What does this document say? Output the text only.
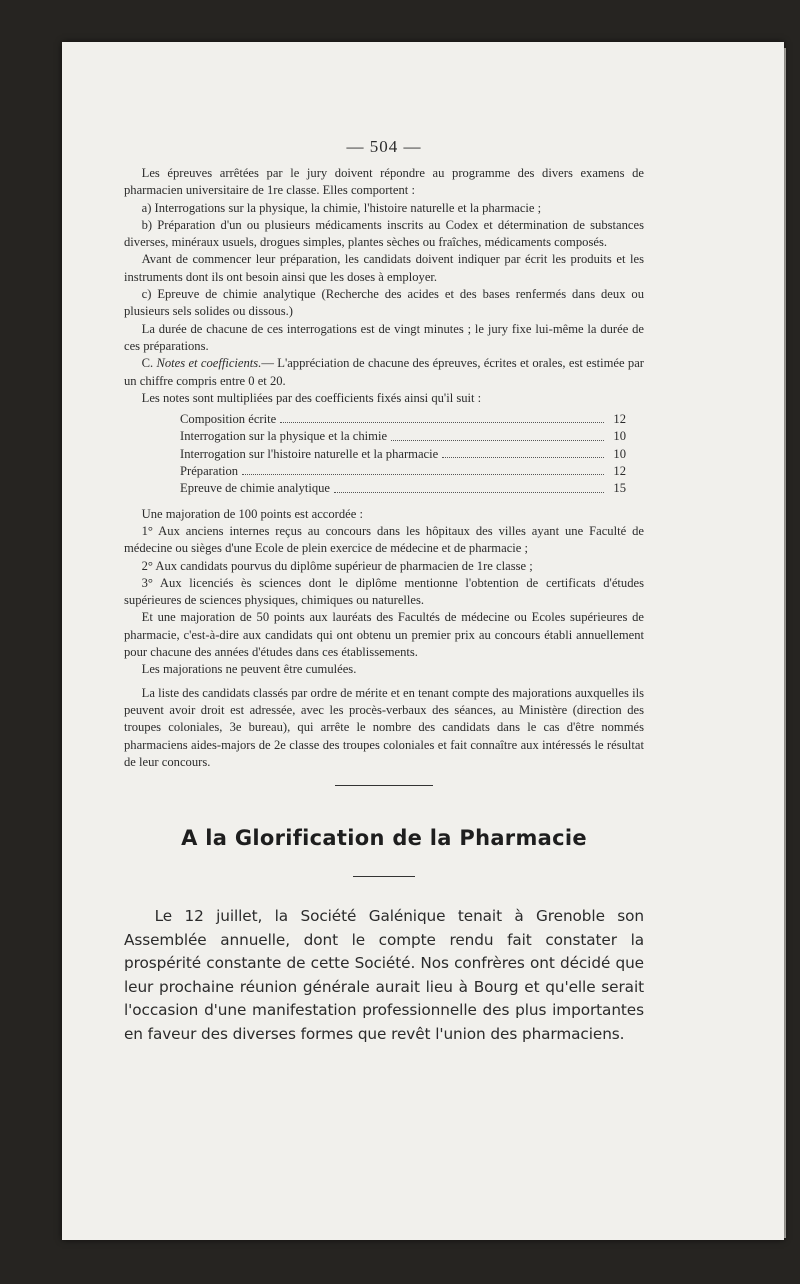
— 504 —

Les épreuves arrêtées par le jury doivent répondre au programme des divers examens de pharmacien universitaire de 1re classe. Elles comportent :

a) Interrogations sur la physique, la chimie, l'histoire naturelle et la pharmacie ;

b) Préparation d'un ou plusieurs médicaments inscrits au Codex et détermination de substances diverses, minéraux usuels, drogues simples, plantes sèches ou fraîches, médicaments composés.

Avant de commencer leur préparation, les candidats doivent indiquer par écrit les produits et les instruments dont ils ont besoin ainsi que les doses à employer.

c) Epreuve de chimie analytique (Recherche des acides et des bases renfermés dans deux ou plusieurs sels solides ou dissous.)

La durée de chacune de ces interrogations est de vingt minutes ; le jury fixe lui-même la durée de ces préparations.

C. Notes et coefficients.— L'appréciation de chacune des épreuves, écrites et orales, est estimée par un chiffre compris entre 0 et 20.

Les notes sont multipliées par des coefficients fixés ainsi qu'il suit :

Composition écrite	12
Interrogation sur la physique et la chimie	10
Interrogation sur l'histoire naturelle et la pharmacie	10
Préparation	12
Epreuve de chimie analytique	15

Une majoration de 100 points est accordée :

1° Aux anciens internes reçus au concours dans les hôpitaux des villes ayant une Faculté de médecine ou sièges d'une Ecole de plein exercice de médecine et de pharmacie ;

2° Aux candidats pourvus du diplôme supérieur de pharmacien de 1re classe ;

3° Aux licenciés ès sciences dont le diplôme mentionne l'obtention de certificats d'études supérieures de sciences physiques, chimiques ou naturelles.

Et une majoration de 50 points aux lauréats des Facultés de médecine ou Ecoles supérieures de pharmacie, c'est-à-dire aux candidats qui ont obtenu un premier prix au concours établi annuellement pour chacune des années d'études dans ces établissements.

Les majorations ne peuvent être cumulées.

La liste des candidats classés par ordre de mérite et en tenant compte des majorations auxquelles ils peuvent avoir droit est adressée, avec les procès-verbaux des séances, au Ministère (direction des troupes coloniales, 3e bureau), qui arrête le nombre des candidats dans le cas d'être nommés pharmaciens aides-majors de 2e classe des troupes coloniales et fait connaître aux intéressés le résultat de leur concours.

A la Glorification de la Pharmacie

Le 12 juillet, la Société Galénique tenait à Grenoble son Assemblée annuelle, dont le compte rendu fait constater la prospérité constante de cette Société. Nos confrères ont décidé que leur prochaine réunion générale aurait lieu à Bourg et qu'elle serait l'occasion d'une manifestation professionnelle des plus importantes en faveur des diverses formes que revêt l'union des pharmaciens.
